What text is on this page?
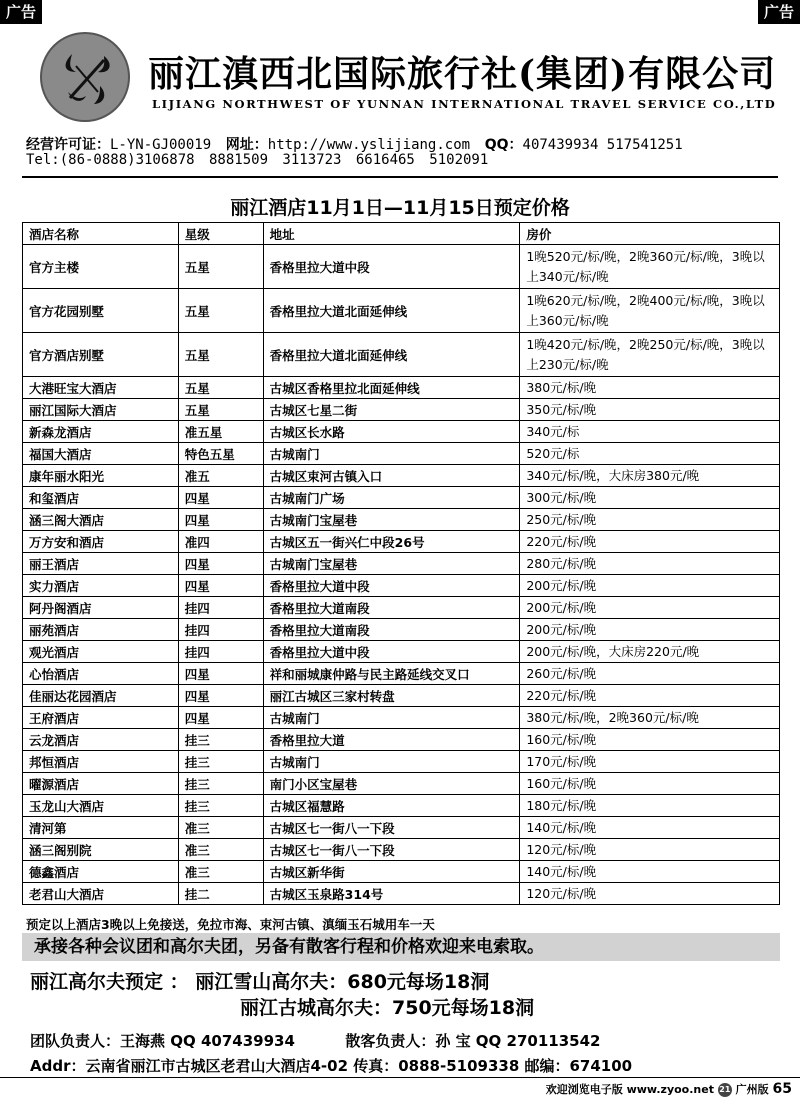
广告	广告
丽江滇西北国际旅行社(集团)有限公司
LIJIANG NORTHWEST OF YUNNAN INTERNATIONAL TRAVEL SERVICE CO.,LTD
经营许可证：L-YN-GJ00019 网址：http://www.yslijiang.com QQ：407439934 517541251
Tel:(86-0888)3106878 8881509 3113723 6616465 5102091
丽江酒店11月1日—11月15日预定价格
酒店名称	星级	地址	房价
官方主楼	五星	香格里拉大道中段	1晚520元/标/晚，2晚360元/标/晚，3晚以上340元/标/晚
官方花园别墅	五星	香格里拉大道北面延伸线	1晚620元/标/晚，2晚400元/标/晚，3晚以上360元/标/晚
官方酒店别墅	五星	香格里拉大道北面延伸线	1晚420元/标/晚，2晚250元/标/晚，3晚以上230元/标/晚
大港旺宝大酒店	五星	古城区香格里拉北面延伸线	380元/标/晚
丽江国际大酒店	五星	古城区七星二街	350元/标/晚
新森龙酒店	准五星	古城区长水路	340元/标
福国大酒店	特色五星	古城南门	520元/标
康年丽水阳光	准五	古城区束河古镇入口	340元/标/晚，大床房380元/晚
和玺酒店	四星	古城南门广场	300元/标/晚
涵三阁大酒店	四星	古城南门宝屋巷	250元/标/晚
万方安和酒店	准四	古城区五一街兴仁中段26号	220元/标/晚
丽王酒店	四星	古城南门宝屋巷	280元/标/晚
实力酒店	四星	香格里拉大道中段	200元/标/晚
阿丹阁酒店	挂四	香格里拉大道南段	200元/标/晚
丽苑酒店	挂四	香格里拉大道南段	200元/标/晚
观光酒店	挂四	香格里拉大道中段	200元/标/晚，大床房220元/晚
心怡酒店	四星	祥和丽城康仲路与民主路延线交叉口	260元/标/晚
佳丽达花园酒店	四星	丽江古城区三家村转盘	220元/标/晚
王府酒店	四星	古城南门	380元/标/晚，2晚360元/标/晚
云龙酒店	挂三	香格里拉大道	160元/标/晚
邦恒酒店	挂三	古城南门	170元/标/晚
曜源酒店	挂三	南门小区宝屋巷	160元/标/晚
玉龙山大酒店	挂三	古城区福慧路	180元/标/晚
清河第	准三	古城区七一街八一下段	140元/标/晚
涵三阁别院	准三	古城区七一街八一下段	120元/标/晚
德鑫酒店	准三	古城区新华街	140元/标/晚
老君山大酒店	挂二	古城区玉泉路314号	120元/标/晚
预定以上酒店3晚以上免接送，免拉市海、束河古镇、滇缅玉石城用车一天
承接各种会议团和高尔夫团，另备有散客行程和价格欢迎来电索取。
丽江高尔夫预定 ： 丽江雪山高尔夫：680元每场18洞
丽江古城高尔夫：750元每场18洞
团队负责人：王海燕 QQ 407439934	散客负责人：孙 宝 QQ 270113542
Addr：云南省丽江市古城区老君山大酒店4-02 传真：0888-5109338 邮编：674100
欢迎浏览电子版 www.zyoo.net 21 广州版 65
